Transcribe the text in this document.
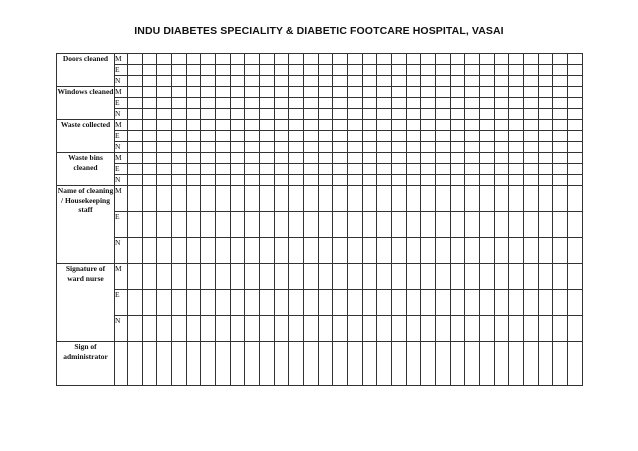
INDU DIABETES SPECIALITY & DIABETIC FOOTCARE HOSPITAL, VASAI
Doors cleaned	M																															
	E																															
	N																															
Windows cleaned	M																															
	E																															
	N																															
Waste collected	M																															
	E																															
	N																															
Waste bins cleaned	M																															
	E																															
	N																															
Name of cleaning / Housekeeping staff	M																															
	E																															
	N																															
Signature of ward nurse	M																															
	E																															
	N																															
Sign of administrator																																
